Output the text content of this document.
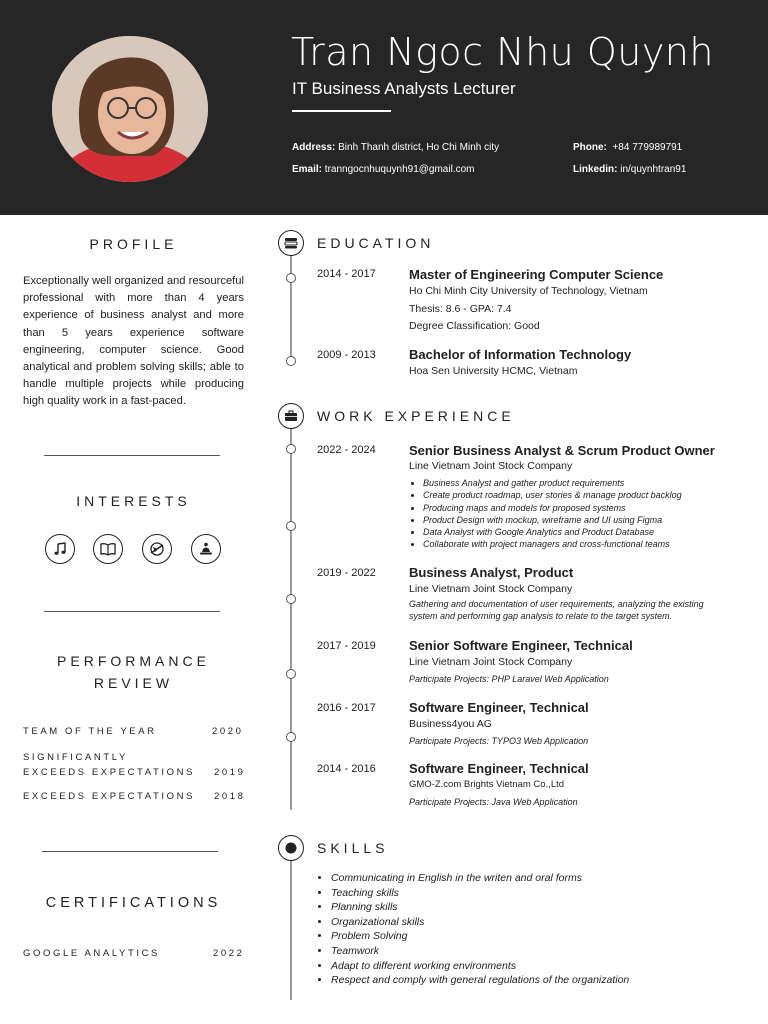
Tran Ngoc Nhu Quynh
IT Business Analysts Lecturer
Address: Binh Thanh district, Ho Chi Minh city
Email: tranngocnhuquynh91@gmail.com
Phone: +84 779989791
Linkedin: in/quynhtran91
PROFILE
Exceptionally well organized and resourceful professional with more than 4 years experience of business analyst and more than 5 years experience software engineering, computer science. Good analytical and problem solving skills; able to handle multiple projects while producing high quality work in a fast-paced.
INTERESTS
PERFORMANCE
REVIEW
TEAM OF THE YEAR	2020
SIGNIFICANTLY
EXCEEDS EXPECTATIONS 2019
EXCEEDS EXPECTATIONS 2018
CERTIFICATIONS
GOOGLE ANALYTICS	2022
EDUCATION
2014 - 2017	Master of Engineering Computer Science
Ho Chi Minh City University of Technology, Vietnam
Thesis: 8.6 - GPA: 7.4
Degree Classification: Good
2009 - 2013	Bachelor of Information Technology
Hoa Sen University HCMC, Vietnam
WORK EXPERIENCE
2022 - 2024	Senior Business Analyst & Scrum Product Owner
Line Vietnam Joint Stock Company
• Business Analyst and gather product requirements
• Create product roadmap, user stories & manage product backlog
• Producing maps and models for proposed systems
• Product Design with mockup, wireframe and UI using Figma
• Data Analyst with Google Analytics and Product Database
• Collaborate with project managers and cross-functional teams
2019 - 2022	Business Analyst, Product
Line Vietnam Joint Stock Company
Gathering and documentation of user requirements, analyzing the existing
system and performing gap analysis to relate to the target system.
2017 - 2019	Senior Software Engineer, Technical
Line Vietnam Joint Stock Company
Participate Projects: PHP Laravel Web Application
2016 - 2017	Software Engineer, Technical
Business4you AG
Participate Projects: TYPO3 Web Application
2014 - 2016	Software Engineer, Technical
GMO-Z.com Brights Vietnam Co.,Ltd
Participate Projects: Java Web Application
SKILLS
• Communicating in English in the writen and oral forms
• Teaching skills
• Planning skills
• Organizational skills
• Problem Solving
• Teamwork
• Adapt to different working environments
• Respect and comply with general regulations of the organization
